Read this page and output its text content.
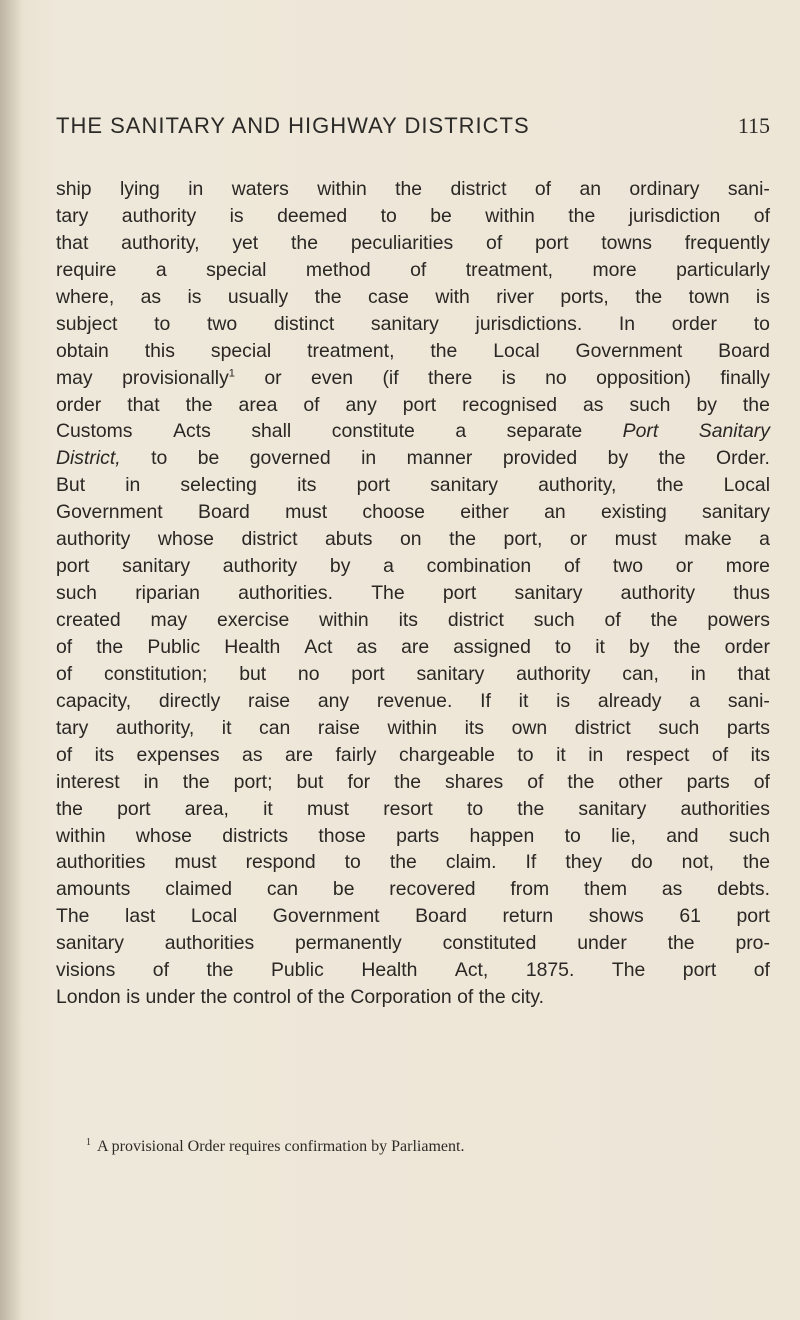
THE SANITARY AND HIGHWAY DISTRICTS	115
ship lying in waters within the district of an ordinary sani-
tary authority is deemed to be within the jurisdiction of
that authority, yet the peculiarities of port towns frequently
require a special method of treatment, more particularly
where, as is usually the case with river ports, the town is
subject to two distinct sanitary jurisdictions. In order to
obtain this special treatment, the Local Government Board
may provisionally$^1$ or even (if there is no opposition) finally
order that the area of any port recognised as such by the
Customs Acts shall constitute a separate Port Sanitary
District, to be governed in manner provided by the Order.
But in selecting its port sanitary authority, the Local
Government Board must choose either an existing sanitary
authority whose district abuts on the port, or must make a
port sanitary authority by a combination of two or more
such riparian authorities. The port sanitary authority thus
created may exercise within its district such of the powers
of the Public Health Act as are assigned to it by the order
of constitution; but no port sanitary authority can, in that
capacity, directly raise any revenue. If it is already a sani-
tary authority, it can raise within its own district such parts
of its expenses as are fairly chargeable to it in respect of its
interest in the port; but for the shares of the other parts of
the port area, it must resort to the sanitary authorities
within whose districts those parts happen to lie, and such
authorities must respond to the claim. If they do not, the
amounts claimed can be recovered from them as debts.
The last Local Government Board return shows 61 port
sanitary authorities permanently constituted under the pro-
visions of the Public Health Act, 1875. The port of
London
is
under
the
control
of
the
Corporation
of
the
city.
$^1$ A provisional Order requires confirmation by Parliament.
